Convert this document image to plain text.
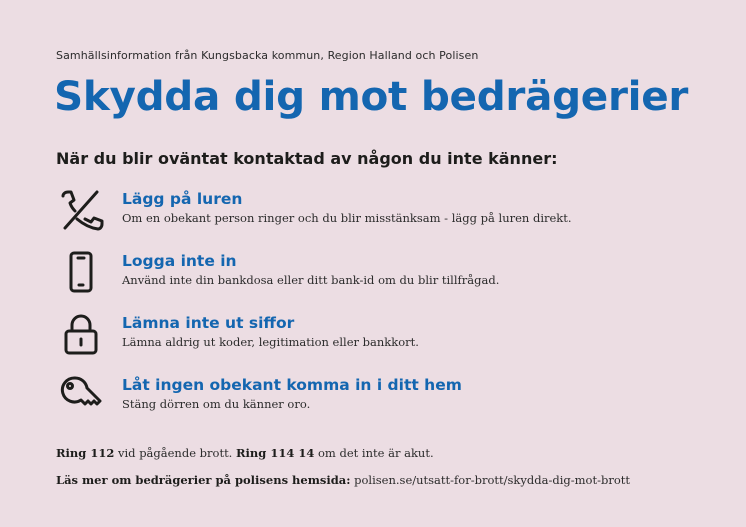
Samhällsinformation från Kungsbacka kommun, Region Halland och Polisen
Skydda dig mot bedrägerier
När du blir oväntat kontaktad av någon du inte känner:
Lägg på luren
Om en obekant person ringer och du blir misstänksam - lägg på luren direkt.
Logga inte in
Använd inte din bankdosa eller ditt bank-id om du blir tillfrågad.
Lämna inte ut siffor
Lämna aldrig ut koder, legitimation eller bankkort.
Låt ingen obekant komma in i ditt hem
Stäng dörren om du känner oro.
Ring 112 vid pågående brott. Ring 114 14 om det inte är akut.
Läs mer om bedrägerier på polisens hemsida: polisen.se/utsatt-for-brott/skydda-dig-mot-brott
